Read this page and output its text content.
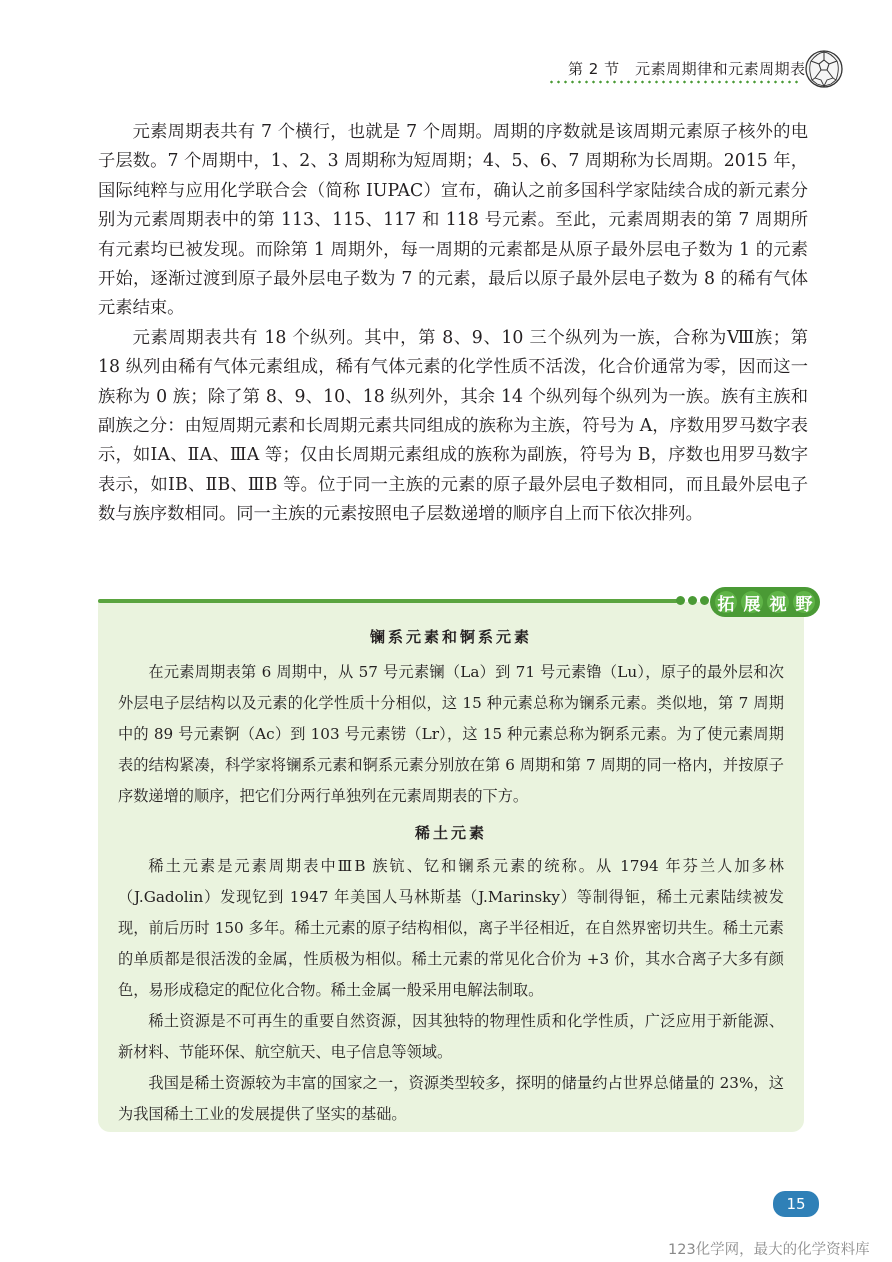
第 2 节　 元素周期律和元素周期表

元素周期表共有 7 个横行，也就是 7 个周期。周期的序数就是该周期元素原子核外的电子层数。7 个周期中，1、2、3 周期称为短周期；4、5、6、7 周期称为长周期。2015 年，国际纯粹与应用化学联合会（简称 IUPAC）宣布，确认之前多国科学家陆续合成的新元素分别为元素周期表中的第 113、115、117 和 118 号元素。至此，元素周期表的第 7 周期所有元素均已被发现。而除第 1 周期外，每一周期的元素都是从原子最外层电子数为 1 的元素开始，逐渐过渡到原子最外层电子数为 7 的元素，最后以原子最外层电子数为 8 的稀有气体元素结束。

元素周期表共有 18 个纵列。其中，第 8、9、10 三个纵列为一族，合称为Ⅷ族；第 18 纵列由稀有气体元素组成，稀有气体元素的化学性质不活泼，化合价通常为零，因而这一族称为 0 族；除了第 8、9、10、18 纵列外，其余 14 个纵列每个纵列为一族。族有主族和副族之分：由短周期元素和长周期元素共同组成的族称为主族，符号为 A，序数用罗马数字表示，如ⅠA、ⅡA、ⅢA 等；仅由长周期元素组成的族称为副族，符号为 B，序数也用罗马数字表示，如ⅠB、ⅡB、ⅢB 等。位于同一主族的元素的原子最外层电子数相同，而且最外层电子数与族序数相同。同一主族的元素按照电子层数递增的顺序自上而下依次排列。

镧系元素和锕系元素

在元素周期表第 6 周期中，从 57 号元素镧（La）到 71 号元素镥（Lu），原子的最外层和次外层电子层结构以及元素的化学性质十分相似，这 15 种元素总称为镧系元素。类似地，第 7 周期中的 89 号元素锕（Ac）到 103 号元素铹（Lr），这 15 种元素总称为锕系元素。为了使元素周期表的结构紧凑，科学家将镧系元素和锕系元素分别放在第 6 周期和第 7 周期的同一格内，并按原子序数递增的顺序，把它们分两行单独列在元素周期表的下方。

稀土元素

稀土元素是元素周期表中ⅢB 族钪、钇和镧系元素的统称。从 1794 年芬兰人加多林（J.Gadolin）发现钇到 1947 年美国人马林斯基（J.Marinsky）等制得钷，稀土元素陆续被发现，前后历时 150 多年。稀土元素的原子结构相似，离子半径相近，在自然界密切共生。稀土元素的单质都是很活泼的金属，性质极为相似。稀土元素的常见化合价为 +3 价，其水合离子大多有颜色，易形成稳定的配位化合物。稀土金属一般采用电解法制取。

稀土资源是不可再生的重要自然资源，因其独特的物理性质和化学性质，广泛应用于新能源、新材料、节能环保、航空航天、电子信息等领域。

我国是稀土资源较为丰富的国家之一，资源类型较多，探明的储量约占世界总储量的 23%，这为我国稀土工业的发展提供了坚实的基础。

拓 展 视 野
15
123化学网，最大的化学资料库
